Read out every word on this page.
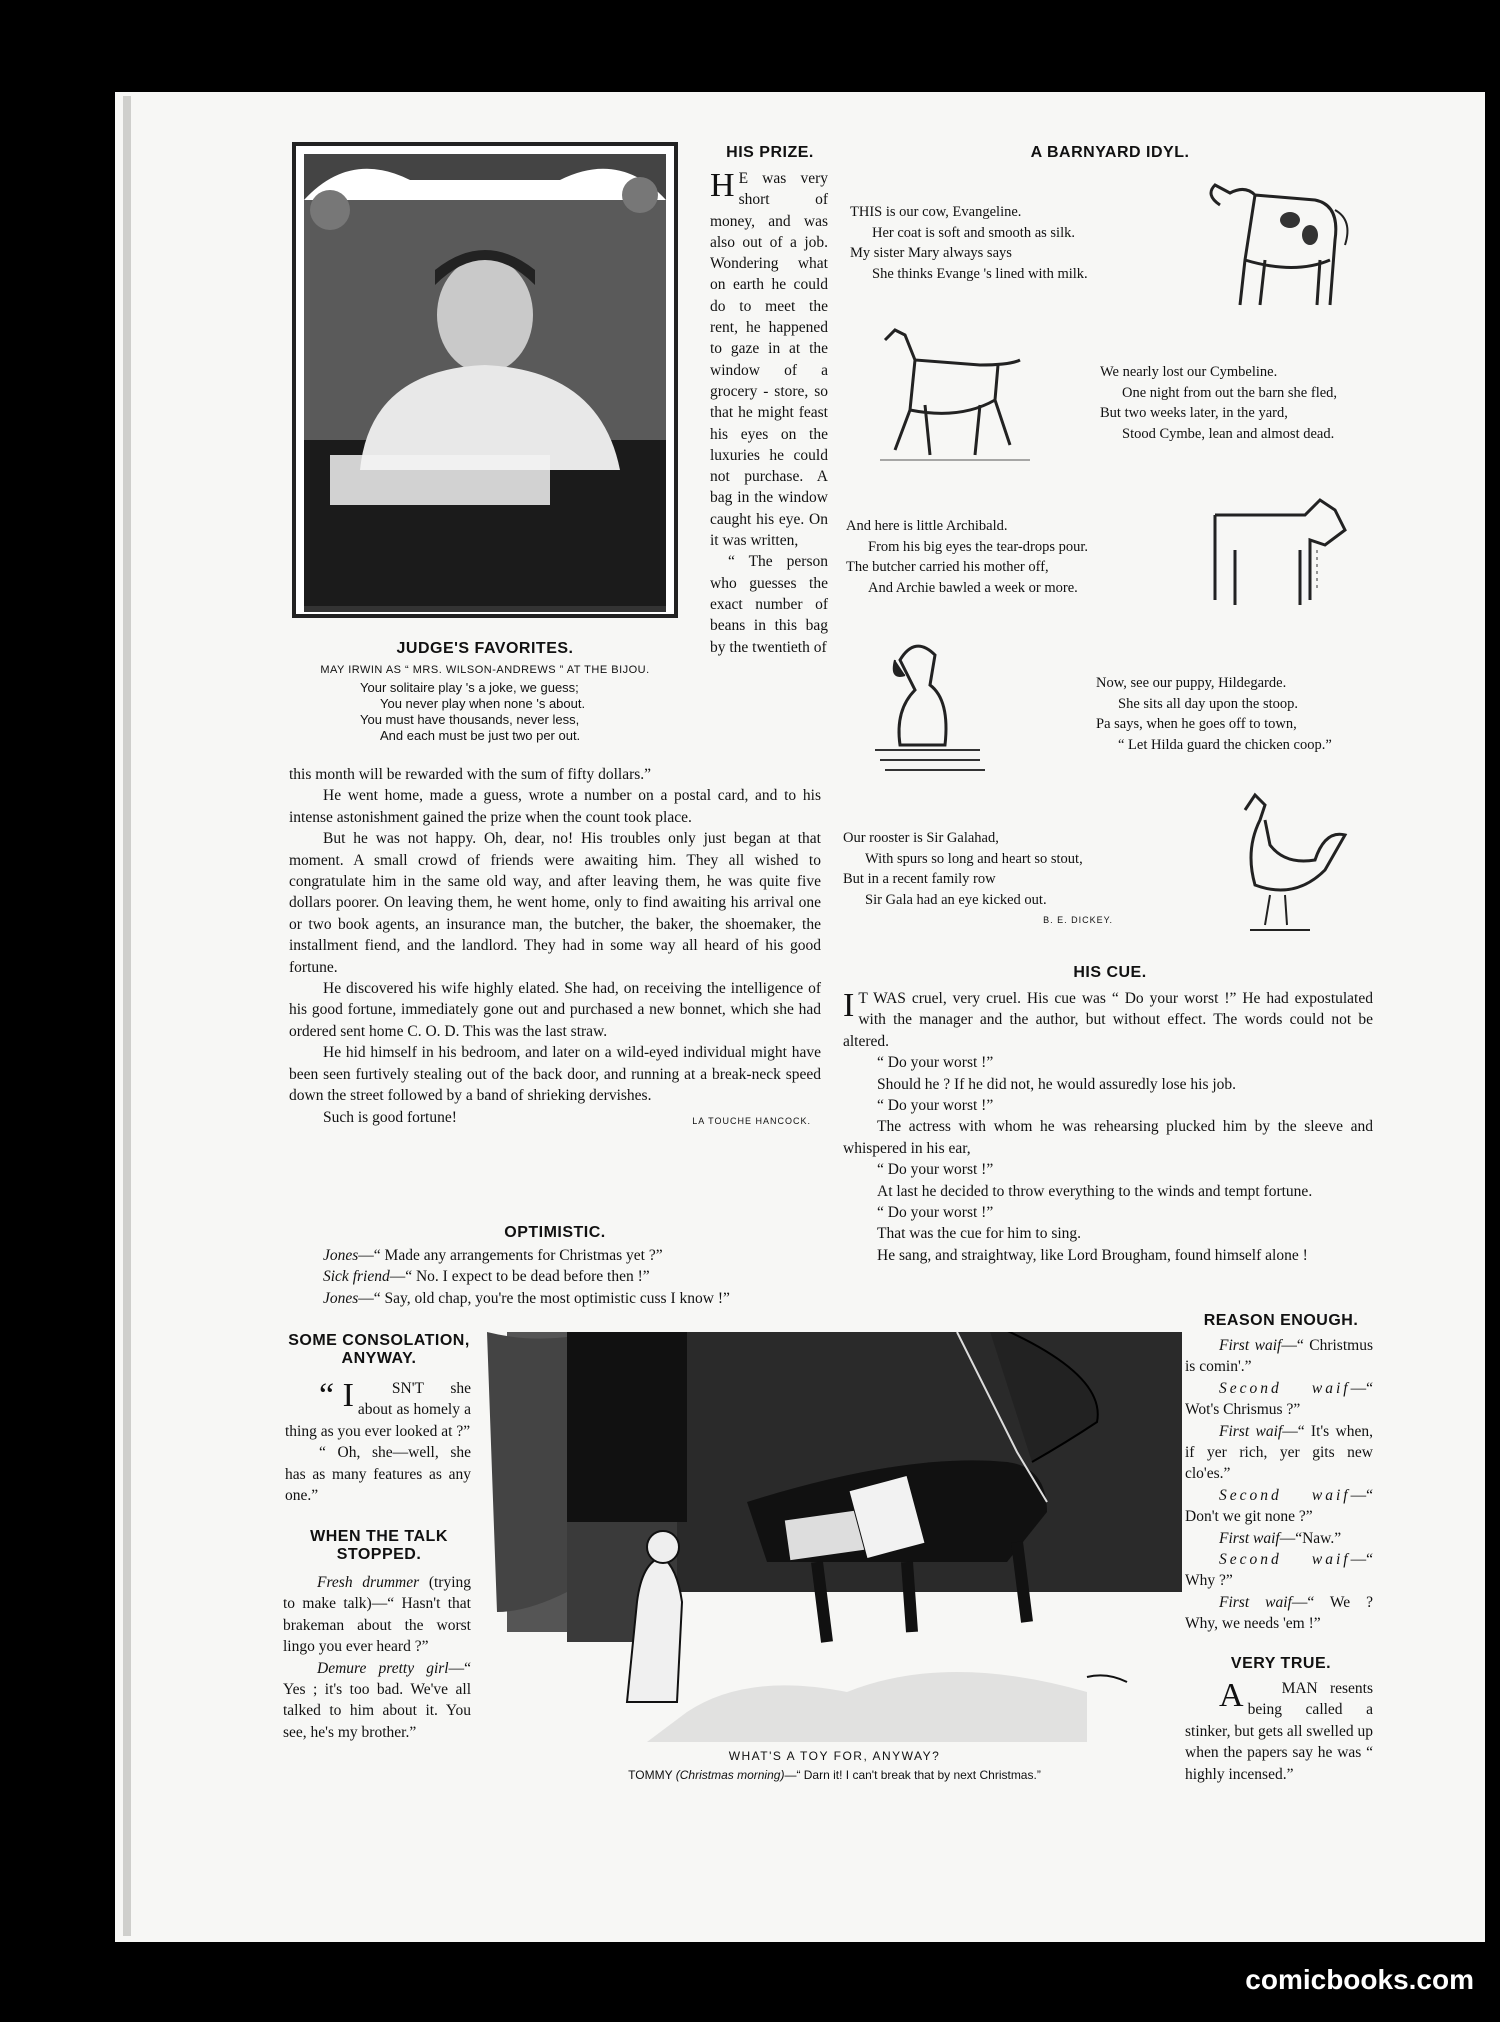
JUDGE'S FAVORITES.
MAY IRWIN AS “ MRS. WILSON-ANDREWS ” AT THE BIJOU.
Your solitaire play 's a joke, we guess;
You never play when none 's about.
You must have thousands, never less,
And each must be just two per out.
HIS PRIZE.

H E was very short of money, and was also out of a job. Wondering what on earth he could do to meet the rent, he happened to gaze in at the window of a grocery - store, so that he might feast his eyes on the luxuries he could not purchase. A bag in the window caught his eye. On it was written,

“ The person who guesses the exact number of beans in this bag by the twentieth of

this month will be rewarded with the sum of fifty dollars.”

He went home, made a guess, wrote a number on a postal card, and to his intense astonishment gained the prize when the count took place.

But he was not happy. Oh, dear, no! His troubles only just began at that moment. A small crowd of friends were awaiting him. They all wished to congratulate him in the same old way, and after leaving them, he was quite five dollars poorer. On leaving them, he went home, only to find awaiting his arrival one or two book agents, an insurance man, the butcher, the baker, the shoemaker, the installment fiend, and the landlord. They had in some way all heard of his good fortune.

He discovered his wife highly elated. She had, on receiving the intelligence of his good fortune, immediately gone out and purchased a new bonnet, which she had ordered sent home C. O. D. This was the last straw.

He hid himself in his bedroom, and later on a wild-eyed individual might have been seen furtively stealing out of the back door, and running at a break-neck speed down the street followed by a band of shrieking dervishes.

Such is good fortune!	LA TOUCHE HANCOCK.

OPTIMISTIC.

Jones—“ Made any arrangements for Christmas yet ?”

Sick friend—“ No. I expect to be dead before then !”

Jones—“ Say, old chap, you're the most optimistic cuss I know !”

A BARNYARD IDYL.
THIS is our cow, Evangeline.
Her coat is soft and smooth as silk.
My sister Mary always says
She thinks Evange 's lined with milk.
We nearly lost our Cymbeline.
One night from out the barn she fled,
But two weeks later, in the yard,
Stood Cymbe, lean and almost dead.
And here is little Archibald.
From his big eyes the tear-drops pour.
The butcher carried his mother off,
And Archie bawled a week or more.
Now, see our puppy, Hildegarde.
She sits all day upon the stoop.
Pa says, when he goes off to town,
“ Let Hilda guard the chicken coop.”
Our rooster is Sir Galahad,
With spurs so long and heart so stout,
But in a recent family row
Sir Gala had an eye kicked out.
B. E. DICKEY.
HIS CUE.

I T WAS cruel, very cruel. His cue was “ Do your worst !” He had expostulated with the manager and the author, but without effect. The words could not be altered.

“ Do your worst !”

Should he ? If he did not, he would assuredly lose his job.

“ Do your worst !”

The actress with whom he was rehearsing plucked him by the sleeve and whispered in his ear,

“ Do your worst !”

At last he decided to throw everything to the winds and tempt fortune.

“ Do your worst !”

That was the cue for him to sing.

He sang, and straightway, like Lord Brougham, found himself alone !

SOME CONSOLATION, ANYWAY.

“ I SN'T she about as homely a thing as you ever looked at ?”

“ Oh, she—well, she has as many features as any one.”

WHEN THE TALK STOPPED.

Fresh drummer (trying to make talk)—“ Hasn't that brakeman about the worst lingo you ever heard ?”

Demure pretty girl—“ Yes ; it's too bad. We've all talked to him about it. You see, he's my brother.”

WHAT'S A TOY FOR, ANYWAY?
TOMMY (Christmas morning)—“ Darn it! I can't break that by next Christmas.”
REASON ENOUGH.

First waif—“ Christmus is comin'.”

Second waif—“ Wot's Chrismus ?”

First waif—“ It's when, if yer rich, yer gits new clo'es.”

Second waif—“ Don't we git none ?”

First waif—“Naw.”

Second waif—“ Why ?”

First waif—“ We ? Why, we needs 'em !”

VERY TRUE.

A MAN resents being called a stinker, but gets all swelled up when the papers say he was “ highly incensed.”

comicbooks.com
